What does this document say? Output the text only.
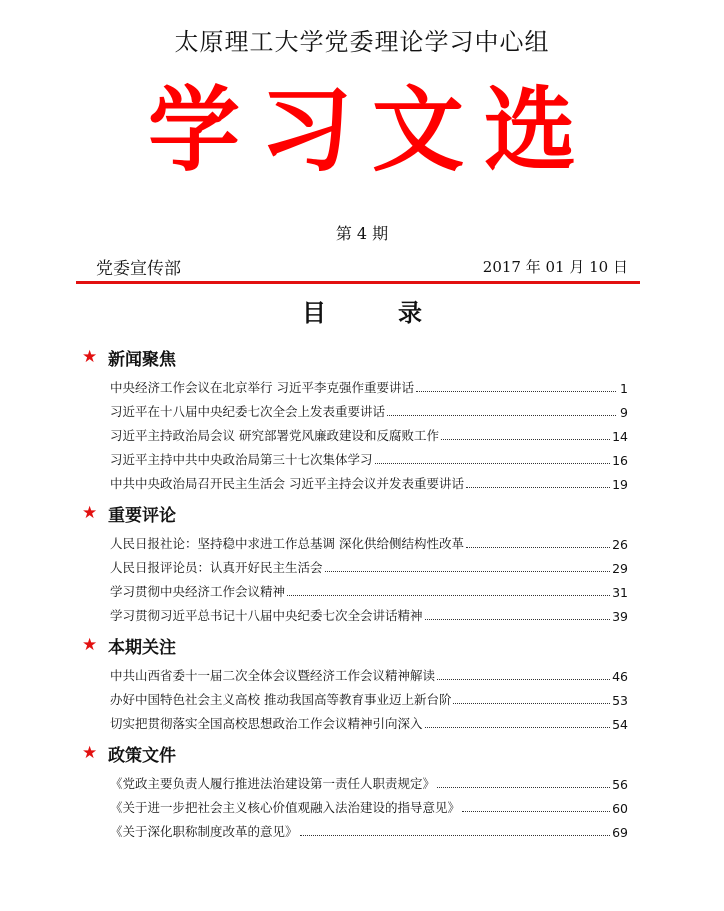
太原理工大学党委理论学习中心组
学习文选
第 4 期
党委宣传部	2017 年 01 月 10 日
目　录
★ 新闻聚焦
中央经济工作会议在北京举行 习近平李克强作重要讲话	1
习近平在十八届中央纪委七次全会上发表重要讲话	9
习近平主持政治局会议 研究部署党风廉政建设和反腐败工作	14
习近平主持中共中央政治局第三十七次集体学习	16
中共中央政治局召开民主生活会 习近平主持会议并发表重要讲话	19
★ 重要评论
人民日报社论：坚持稳中求进工作总基调 深化供给侧结构性改革	26
人民日报评论员：认真开好民主生活会	29
学习贯彻中央经济工作会议精神	31
学习贯彻习近平总书记十八届中央纪委七次全会讲话精神	39
★ 本期关注
中共山西省委十一届二次全体会议暨经济工作会议精神解读	46
办好中国特色社会主义高校 推动我国高等教育事业迈上新台阶	53
切实把贯彻落实全国高校思想政治工作会议精神引向深入	54
★ 政策文件
《党政主要负责人履行推进法治建设第一责任人职责规定》	56
《关于进一步把社会主义核心价值观融入法治建设的指导意见》	60
《关于深化职称制度改革的意见》	69
